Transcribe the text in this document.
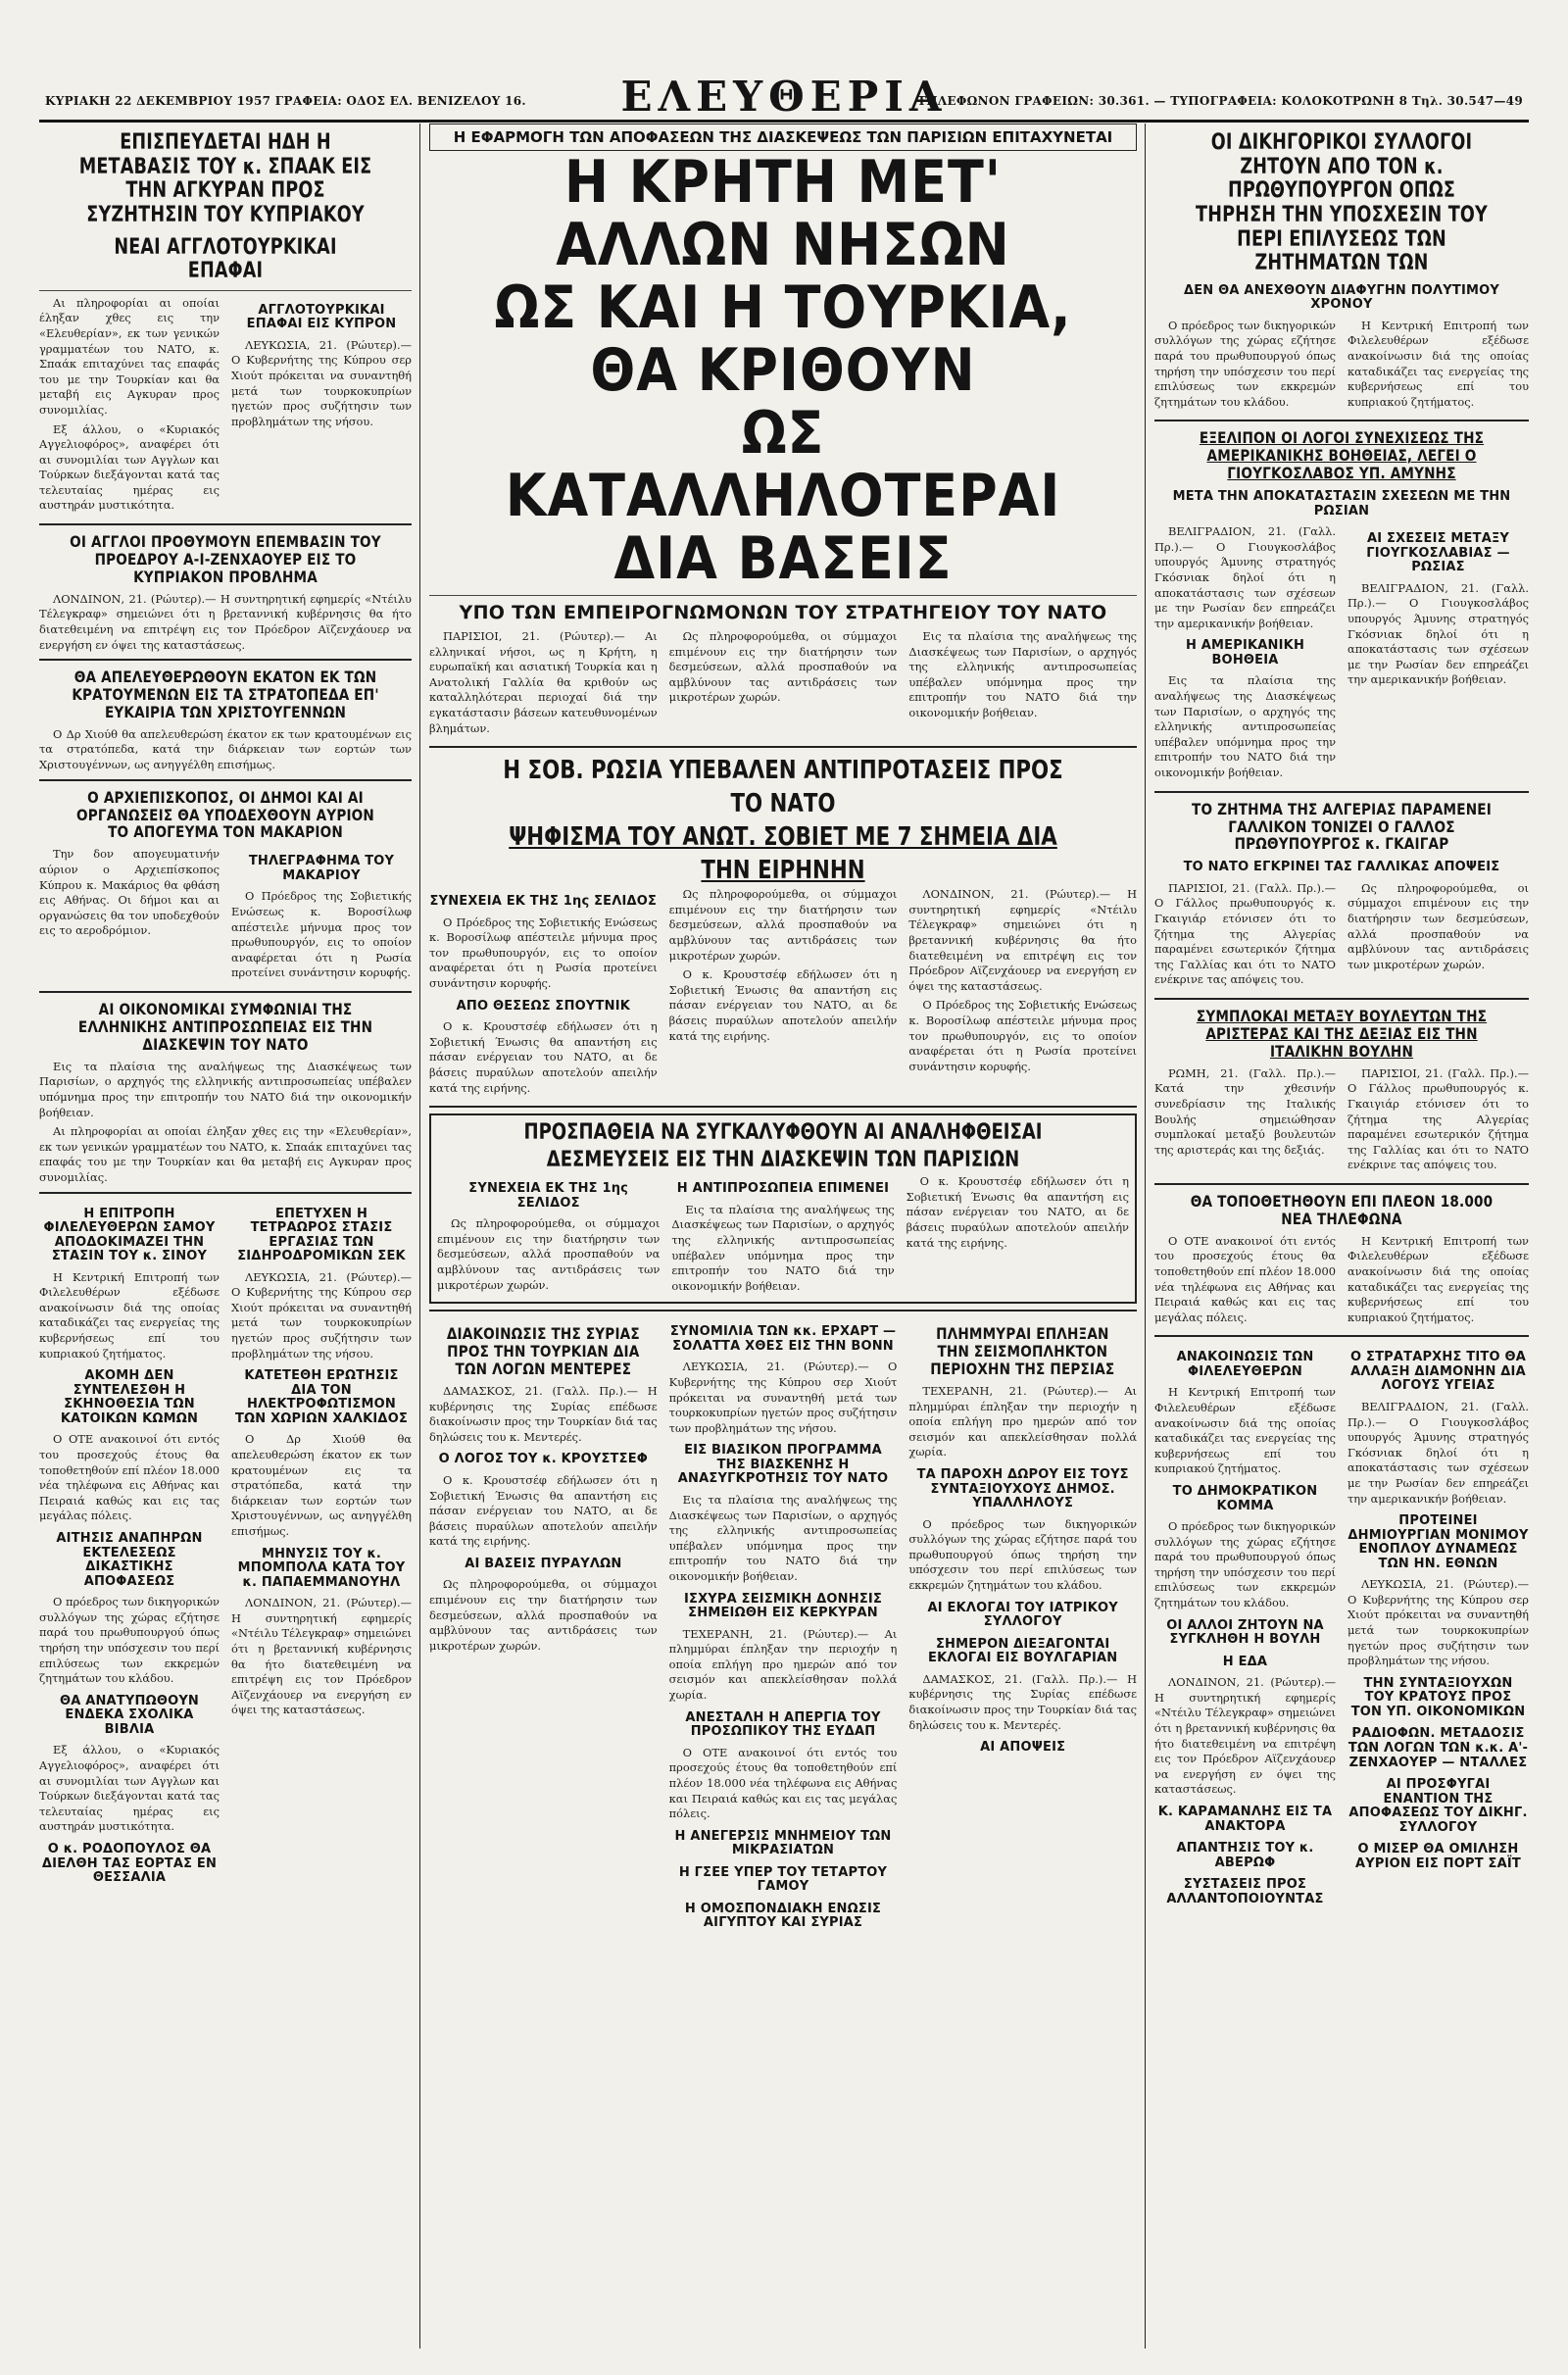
ΚΥΡΙΑΚΗ 22 ΔΕΚΕΜΒΡΙΟΥ 1957 ΓΡΑΦΕΙΑ: ΟΔΟΣ ΕΛ. ΒΕΝΙΖΕΛΟΥ 16.	ΕΛΕΥΘΕΡΙΑ
ΤΗΛΕΦΩΝΟΝ ΓΡΑΦΕΙΩΝ: 30.361. — ΤΥΠΟΓΡΑΦΕΙΑ: ΚΟΛΟΚΟΤΡΩΝΗ 8 Τηλ. 30.547—49
ΕΠΙΣΠΕΥΔΕΤΑΙ ΗΔΗ Η ΜΕΤΑΒΑΣΙΣ ΤΟΥ κ. ΣΠΑΑΚ ΕΙΣ ΤΗΝ ΑΓΚΥΡΑΝ ΠΡΟΣ ΣΥΖΗΤΗΣΙΝ ΤΟΥ ΚΥΠΡΙΑΚΟΥ
ΝΕΑΙ ΑΓΓΛΟΤΟΥΡΚΙΚΑΙ ΕΠΑΦΑΙ

Αι πληροφορίαι αι οποίαι έληξαν χθες εις την «Ελευθερίαν», εκ των γενικών γραμματέων του ΝΑΤΟ, κ. Σπαάκ επιταχύνει τας επαφάς του με την Τουρκίαν και θα μεταβή εις Αγκυραν προς συνομιλίας.

Εξ άλλου, ο «Κυριακός Αγγελιοφόρος», αναφέρει ότι αι συνομιλίαι των Αγγλων και Τούρκων διεξάγονται κατά τας τελευταίας ημέρας εις αυστηράν μυστικότητα.

ΑΓΓΛΟΤΟΥΡΚΙΚΑΙ ΕΠΑΦΑΙ ΕΙΣ ΚΥΠΡΟΝ

ΛΕΥΚΩΣΙΑ, 21. (Ρώυτερ).— Ο Κυβερνήτης της Κύπρου σερ Χιούτ πρόκειται να συναντηθή μετά των τουρκοκυπρίων ηγετών προς συζήτησιν των προβλημάτων της νήσου.

ΟΙ ΑΓΓΛΟΙ ΠΡΟΘΥΜΟΥΝ ΕΠΕΜΒΑΣΙΝ ΤΟΥ ΠΡΟΕΔΡΟΥ Α-Ι-ΖΕΝΧΑΟΥΕΡ ΕΙΣ ΤΟ ΚΥΠΡΙΑΚΟΝ ΠΡΟΒΛΗΜΑ

ΛΟΝΔΙΝΟΝ, 21. (Ρώυτερ).— Η συντηρητική εφημερίς «Ντέιλυ Τέλεγκραφ» σημειώνει ότι η βρεταννική κυβέρνησις θα ήτο διατεθειμένη να επιτρέψη εις τον Πρόεδρον Αϊζενχάουερ να ενεργήση εν όψει της καταστάσεως.

ΘΑ ΑΠΕΛΕΥΘΕΡΩΘΟΥΝ ΕΚΑΤΟΝ ΕΚ ΤΩΝ ΚΡΑΤΟΥΜΕΝΩΝ ΕΙΣ ΤΑ ΣΤΡΑΤΟΠΕΔΑ ΕΠ' ΕΥΚΑΙΡΙΑ ΤΩΝ ΧΡΙΣΤΟΥΓΕΝΝΩΝ

Ο Δρ Χιούθ θα απελευθερώση έκατον εκ των κρατουμένων εις τα στρατόπεδα, κατά την διάρκειαν των εορτών των Χριστουγέννων, ως ανηγγέλθη επισήμως.

Ο ΑΡΧΙΕΠΙΣΚΟΠΟΣ, ΟΙ ΔΗΜΟΙ ΚΑΙ ΑΙ ΟΡΓΑΝΩΣΕΙΣ ΘΑ ΥΠΟΔΕΧΘΟΥΝ ΑΥΡΙΟΝ ΤΟ ΑΠΟΓΕΥΜΑ ΤΟΝ ΜΑΚΑΡΙΟΝ

Την δον απογευματινήν αύριον ο Αρχιεπίσκοπος Κύπρου κ. Μακάριος θα φθάση εις Αθήνας. Οι δήμοι και αι οργανώσεις θα τον υποδεχθούν εις το αεροδρόμιον.

ΤΗΛΕΓΡΑΦΗΜΑ ΤΟΥ ΜΑΚΑΡΙΟΥ

Ο Πρόεδρος της Σοβιετικής Ενώσεως κ. Βοροσίλωφ απέστειλε μήνυμα προς τον πρωθυπουργόν, εις το οποίον αναφέρεται ότι η Ρωσία προτείνει συνάντησιν κορυφής.

ΑΙ ΟΙΚΟΝΟΜΙΚΑΙ ΣΥΜΦΩΝΙΑΙ ΤΗΣ ΕΛΛΗΝΙΚΗΣ ΑΝΤΙΠΡΟΣΩΠΕΙΑΣ ΕΙΣ ΤΗΝ ΔΙΑΣΚΕΨΙΝ ΤΟΥ ΝΑΤΟ

Εις τα πλαίσια της αναλήψεως της Διασκέψεως των Παρισίων, ο αρχηγός της ελληνικής αντιπροσωπείας υπέβαλεν υπόμνημα προς την επιτροπήν του ΝΑΤΟ διά την οικονομικήν βοήθειαν.

Αι πληροφορίαι αι οποίαι έληξαν χθες εις την «Ελευθερίαν», εκ των γενικών γραμματέων του ΝΑΤΟ, κ. Σπαάκ επιταχύνει τας επαφάς του με την Τουρκίαν και θα μεταβή εις Αγκυραν προς συνομιλίας.

Η ΕΠΙΤΡΟΠΗ ΦΙΛΕΛΕΥΘΕΡΩΝ ΣΑΜΟΥ ΑΠΟΔΟΚΙΜΑΖΕΙ ΤΗΝ ΣΤΑΣΙΝ ΤΟΥ κ. ΣΙΝΟΥ

Η Κεντρική Επιτροπή των Φιλελευθέρων εξέδωσε ανακοίνωσιν διά της οποίας καταδικάζει τας ενεργείας της κυβερνήσεως επί του κυπριακού ζητήματος.

ΑΚΟΜΗ ΔΕΝ ΣΥΝΤΕΛΕΣΘΗ Η ΣΚΗΝΟΘΕΣΙΑ ΤΩΝ ΚΑΤΟΙΚΩΝ ΚΩΜΩΝ

Ο ΟΤΕ ανακοινοί ότι εντός του προσεχούς έτους θα τοποθετηθούν επί πλέον 18.000 νέα τηλέφωνα εις Αθήνας και Πειραιά καθώς και εις τας μεγάλας πόλεις.

ΑΙΤΗΣΙΣ ΑΝΑΠΗΡΩΝ ΕΚΤΕΛΕΣΕΩΣ ΔΙΚΑΣΤΙΚΗΣ ΑΠΟΦΑΣΕΩΣ

Ο πρόεδρος των δικηγορικών συλλόγων της χώρας εζήτησε παρά του πρωθυπουργού όπως τηρήση την υπόσχεσιν του περί επιλύσεως των εκκρεμών ζητημάτων του κλάδου.

ΘΑ ΑΝΑΤΥΠΩΘΟΥΝ ΕΝΔΕΚΑ ΣΧΟΛΙΚΑ ΒΙΒΛΙΑ

Εξ άλλου, ο «Κυριακός Αγγελιοφόρος», αναφέρει ότι αι συνομιλίαι των Αγγλων και Τούρκων διεξάγονται κατά τας τελευταίας ημέρας εις αυστηράν μυστικότητα.

Ο κ. ΡΟΔΟΠΟΥΛΟΣ ΘΑ ΔΙΕΛΘΗ ΤΑΣ ΕΟΡΤΑΣ ΕΝ ΘΕΣΣΑΛΙΑ
ΕΠΕΤΥΧΕΝ Η ΤΕΤΡΑΩΡΟΣ ΣΤΑΣΙΣ ΕΡΓΑΣΙΑΣ ΤΩΝ ΣΙΔΗΡΟΔΡΟΜΙΚΩΝ ΣΕΚ

ΛΕΥΚΩΣΙΑ, 21. (Ρώυτερ).— Ο Κυβερνήτης της Κύπρου σερ Χιούτ πρόκειται να συναντηθή μετά των τουρκοκυπρίων ηγετών προς συζήτησιν των προβλημάτων της νήσου.

ΚΑΤΕΤΕΘΗ ΕΡΩΤΗΣΙΣ ΔΙΑ ΤΟΝ ΗΛΕΚΤΡΟΦΩΤΙΣΜΟΝ ΤΩΝ ΧΩΡΙΩΝ ΧΑΛΚΙΔΟΣ

Ο Δρ Χιούθ θα απελευθερώση έκατον εκ των κρατουμένων εις τα στρατόπεδα, κατά την διάρκειαν των εορτών των Χριστουγέννων, ως ανηγγέλθη επισήμως.

ΜΗΝΥΣΙΣ ΤΟΥ κ. ΜΠΟΜΠΟΛΑ ΚΑΤΑ ΤΟΥ κ. ΠΑΠΑΕΜΜΑΝΟΥΗΛ

ΛΟΝΔΙΝΟΝ, 21. (Ρώυτερ).— Η συντηρητική εφημερίς «Ντέιλυ Τέλεγκραφ» σημειώνει ότι η βρεταννική κυβέρνησις θα ήτο διατεθειμένη να επιτρέψη εις τον Πρόεδρον Αϊζενχάουερ να ενεργήση εν όψει της καταστάσεως.

Η ΕΦΑΡΜΟΓΗ ΤΩΝ ΑΠΟΦΑΣΕΩΝ ΤΗΣ ΔΙΑΣΚΕΨΕΩΣ ΤΩΝ ΠΑΡΙΣΙΩΝ ΕΠΙΤΑΧΥΝΕΤΑΙ
Η ΚΡΗΤΗ ΜΕΤ' ΑΛΛΩΝ ΝΗΣΩΝ
ΩΣ ΚΑΙ Η ΤΟΥΡΚΙΑ, ΘΑ ΚΡΙΘΟΥΝ
ΩΣ ΚΑΤΑΛΛΗΛΟΤΕΡΑΙ ΔΙΑ ΒΑΣΕΙΣ
ΥΠΟ ΤΩΝ ΕΜΠΕΙΡΟΓΝΩΜΟΝΩΝ ΤΟΥ ΣΤΡΑΤΗΓΕΙΟΥ ΤΟΥ ΝΑΤΟ

ΠΑΡΙΣΙΟΙ, 21. (Ρώυτερ).— Αι ελληνικαί νήσοι, ως η Κρήτη, η ευρωπαϊκή και ασιατική Τουρκία και η Ανατολική Γαλλία θα κριθούν ως καταλληλότεραι περιοχαί διά την εγκατάστασιν βάσεων κατευθυνομένων βλημάτων.

Ως πληροφορούμεθα, οι σύμμαχοι επιμένουν εις την διατήρησιν των δεσμεύσεων, αλλά προσπαθούν να αμβλύνουν τας αντιδράσεις των μικροτέρων χωρών.

Εις τα πλαίσια της αναλήψεως της Διασκέψεως των Παρισίων, ο αρχηγός της ελληνικής αντιπροσωπείας υπέβαλεν υπόμνημα προς την επιτροπήν του ΝΑΤΟ διά την οικονομικήν βοήθειαν.

Η ΣΟΒ. ΡΩΣΙΑ ΥΠΕΒΑΛΕΝ ΑΝΤΙΠΡΟΤΑΣΕΙΣ ΠΡΟΣ ΤΟ ΝΑΤΟ
ΨΗΦΙΣΜΑ ΤΟΥ ΑΝΩΤ. ΣΟΒΙΕΤ ΜΕ 7 ΣΗΜΕΙΑ ΔΙΑ ΤΗΝ ΕΙΡΗΝΗΝ
ΣΥΝΕΧΕΙΑ ΕΚ ΤΗΣ 1ης ΣΕΛΙΔΟΣ

Ο Πρόεδρος της Σοβιετικής Ενώσεως κ. Βοροσίλωφ απέστειλε μήνυμα προς τον πρωθυπουργόν, εις το οποίον αναφέρεται ότι η Ρωσία προτείνει συνάντησιν κορυφής.

ΑΠΟ ΘΕΣΕΩΣ ΣΠΟΥΤΝΙΚ

Ο κ. Κρουστσέφ εδήλωσεν ότι η Σοβιετική Ένωσις θα απαντήση εις πάσαν ενέργειαν του ΝΑΤΟ, αι δε βάσεις πυραύλων αποτελούν απειλήν κατά της ειρήνης.

Ως πληροφορούμεθα, οι σύμμαχοι επιμένουν εις την διατήρησιν των δεσμεύσεων, αλλά προσπαθούν να αμβλύνουν τας αντιδράσεις των μικροτέρων χωρών.

Ο κ. Κρουστσέφ εδήλωσεν ότι η Σοβιετική Ένωσις θα απαντήση εις πάσαν ενέργειαν του ΝΑΤΟ, αι δε βάσεις πυραύλων αποτελούν απειλήν κατά της ειρήνης.

ΛΟΝΔΙΝΟΝ, 21. (Ρώυτερ).— Η συντηρητική εφημερίς «Ντέιλυ Τέλεγκραφ» σημειώνει ότι η βρεταννική κυβέρνησις θα ήτο διατεθειμένη να επιτρέψη εις τον Πρόεδρον Αϊζενχάουερ να ενεργήση εν όψει της καταστάσεως.

Ο Πρόεδρος της Σοβιετικής Ενώσεως κ. Βοροσίλωφ απέστειλε μήνυμα προς τον πρωθυπουργόν, εις το οποίον αναφέρεται ότι η Ρωσία προτείνει συνάντησιν κορυφής.

ΠΡΟΣΠΑΘΕΙΑ ΝΑ ΣΥΓΚΑΛΥΦΘΟΥΝ ΑΙ ΑΝΑΛΗΦΘΕΙΣΑΙ ΔΕΣΜΕΥΣΕΙΣ ΕΙΣ ΤΗΝ ΔΙΑΣΚΕΨΙΝ ΤΩΝ ΠΑΡΙΣΙΩΝ
ΣΥΝΕΧΕΙΑ ΕΚ ΤΗΣ 1ης ΣΕΛΙΔΟΣ

Ως πληροφορούμεθα, οι σύμμαχοι επιμένουν εις την διατήρησιν των δεσμεύσεων, αλλά προσπαθούν να αμβλύνουν τας αντιδράσεις των μικροτέρων χωρών.

Η ΑΝΤΙΠΡΟΣΩΠΕΙΑ ΕΠΙΜΕΝΕΙ

Εις τα πλαίσια της αναλήψεως της Διασκέψεως των Παρισίων, ο αρχηγός της ελληνικής αντιπροσωπείας υπέβαλεν υπόμνημα προς την επιτροπήν του ΝΑΤΟ διά την οικονομικήν βοήθειαν.

Ο κ. Κρουστσέφ εδήλωσεν ότι η Σοβιετική Ένωσις θα απαντήση εις πάσαν ενέργειαν του ΝΑΤΟ, αι δε βάσεις πυραύλων αποτελούν απειλήν κατά της ειρήνης.

ΔΙΑΚΟΙΝΩΣΙΣ ΤΗΣ ΣΥΡΙΑΣ ΠΡΟΣ ΤΗΝ ΤΟΥΡΚΙΑΝ ΔΙΑ ΤΩΝ ΛΟΓΩΝ ΜΕΝΤΕΡΕΣ

ΔΑΜΑΣΚΟΣ, 21. (Γαλλ. Πρ.).— Η κυβέρνησις της Συρίας επέδωσε διακοίνωσιν προς την Τουρκίαν διά τας δηλώσεις του κ. Μεντερές.

Ο ΛΟΓΟΣ ΤΟΥ κ. ΚΡΟΥΣΤΣΕΦ

Ο κ. Κρουστσέφ εδήλωσεν ότι η Σοβιετική Ένωσις θα απαντήση εις πάσαν ενέργειαν του ΝΑΤΟ, αι δε βάσεις πυραύλων αποτελούν απειλήν κατά της ειρήνης.

ΑΙ ΒΑΣΕΙΣ ΠΥΡΑΥΛΩΝ

Ως πληροφορούμεθα, οι σύμμαχοι επιμένουν εις την διατήρησιν των δεσμεύσεων, αλλά προσπαθούν να αμβλύνουν τας αντιδράσεις των μικροτέρων χωρών.

ΣΥΝΟΜΙΛΙΑ ΤΩΝ κκ. ΕΡΧΑΡΤ — ΣΟΛΑΤΤΑ ΧΘΕΣ ΕΙΣ ΤΗΝ ΒΟΝΝ

ΛΕΥΚΩΣΙΑ, 21. (Ρώυτερ).— Ο Κυβερνήτης της Κύπρου σερ Χιούτ πρόκειται να συναντηθή μετά των τουρκοκυπρίων ηγετών προς συζήτησιν των προβλημάτων της νήσου.

ΕΙΣ ΒΙΑΣΙΚΟΝ ΠΡΟΓΡΑΜΜΑ ΤΗΣ ΒΙΑΣΚΕΝΗΣ Η ΑΝΑΣΥΓΚΡΟΤΗΣΙΣ ΤΟΥ ΝΑΤΟ

Εις τα πλαίσια της αναλήψεως της Διασκέψεως των Παρισίων, ο αρχηγός της ελληνικής αντιπροσωπείας υπέβαλεν υπόμνημα προς την επιτροπήν του ΝΑΤΟ διά την οικονομικήν βοήθειαν.

ΙΣΧΥΡΑ ΣΕΙΣΜΙΚΗ ΔΟΝΗΣΙΣ ΣΗΜΕΙΩΘΗ ΕΙΣ ΚΕΡΚΥΡΑΝ

ΤΕΧΕΡΑΝΗ, 21. (Ρώυτερ).— Αι πλημμύραι έπληξαν την περιοχήν η οποία επλήγη προ ημερών από τον σεισμόν και απεκλείσθησαν πολλά χωρία.

ΑΝΕΣΤΑΛΗ Η ΑΠΕΡΓΙΑ ΤΟΥ ΠΡΟΣΩΠΙΚΟΥ ΤΗΣ ΕΥΔΑΠ

Ο ΟΤΕ ανακοινοί ότι εντός του προσεχούς έτους θα τοποθετηθούν επί πλέον 18.000 νέα τηλέφωνα εις Αθήνας και Πειραιά καθώς και εις τας μεγάλας πόλεις.

Η ΑΝΕΓΕΡΣΙΣ ΜΝΗΜΕΙΟΥ ΤΩΝ ΜΙΚΡΑΣΙΑΤΩΝ
Η ΓΣΕΕ ΥΠΕΡ ΤΟΥ ΤΕΤΑΡΤΟΥ ΓΑΜΟΥ
Η ΟΜΟΣΠΟΝΔΙΑΚΗ ΕΝΩΣΙΣ ΑΙΓΥΠΤΟΥ ΚΑΙ ΣΥΡΙΑΣ
ΠΛΗΜΜΥΡΑΙ ΕΠΛΗΞΑΝ ΤΗΝ ΣΕΙΣΜΟΠΛΗΚΤΟΝ ΠΕΡΙΟΧΗΝ ΤΗΣ ΠΕΡΣΙΑΣ

ΤΕΧΕΡΑΝΗ, 21. (Ρώυτερ).— Αι πλημμύραι έπληξαν την περιοχήν η οποία επλήγη προ ημερών από τον σεισμόν και απεκλείσθησαν πολλά χωρία.

ΤΑ ΠΑΡΟΧΗ ΔΩΡΟΥ ΕΙΣ ΤΟΥΣ ΣΥΝΤΑΞΙΟΥΧΟΥΣ ΔΗΜΟΣ. ΥΠΑΛΛΗΛΟΥΣ

Ο πρόεδρος των δικηγορικών συλλόγων της χώρας εζήτησε παρά του πρωθυπουργού όπως τηρήση την υπόσχεσιν του περί επιλύσεως των εκκρεμών ζητημάτων του κλάδου.

ΑΙ ΕΚΛΟΓΑΙ ΤΟΥ ΙΑΤΡΙΚΟΥ ΣΥΛΛΟΓΟΥ
ΣΗΜΕΡΟΝ ΔΙΕΞΑΓΟΝΤΑΙ ΕΚΛΟΓΑΙ ΕΙΣ ΒΟΥΛΓΑΡΙΑΝ

ΔΑΜΑΣΚΟΣ, 21. (Γαλλ. Πρ.).— Η κυβέρνησις της Συρίας επέδωσε διακοίνωσιν προς την Τουρκίαν διά τας δηλώσεις του κ. Μεντερές.

ΑΙ ΑΠΟΨΕΙΣ
ΟΙ ΔΙΚΗΓΟΡΙΚΟΙ ΣΥΛΛΟΓΟΙ ΖΗΤΟΥΝ ΑΠΟ ΤΟΝ κ. ΠΡΩΘΥΠΟΥΡΓΟΝ ΟΠΩΣ ΤΗΡΗΣΗ ΤΗΝ ΥΠΟΣΧΕΣΙΝ ΤΟΥ ΠΕΡΙ ΕΠΙΛΥΣΕΩΣ ΤΩΝ ΖΗΤΗΜΑΤΩΝ ΤΩΝ
ΔΕΝ ΘΑ ΑΝΕΧΘΟΥΝ ΔΙΑΦΥΓΗΝ ΠΟΛΥΤΙΜΟΥ ΧΡΟΝΟΥ

Ο πρόεδρος των δικηγορικών συλλόγων της χώρας εζήτησε παρά του πρωθυπουργού όπως τηρήση την υπόσχεσιν του περί επιλύσεως των εκκρεμών ζητημάτων του κλάδου.

Η Κεντρική Επιτροπή των Φιλελευθέρων εξέδωσε ανακοίνωσιν διά της οποίας καταδικάζει τας ενεργείας της κυβερνήσεως επί του κυπριακού ζητήματος.

ΕΞΕΛΙΠΟΝ ΟΙ ΛΟΓΟΙ ΣΥΝΕΧΙΣΕΩΣ ΤΗΣ ΑΜΕΡΙΚΑΝΙΚΗΣ ΒΟΗΘΕΙΑΣ, ΛΕΓΕΙ Ο ΓΙΟΥΓΚΟΣΛΑΒΟΣ ΥΠ. ΑΜΥΝΗΣ
ΜΕΤΑ ΤΗΝ ΑΠΟΚΑΤΑΣΤΑΣΙΝ ΣΧΕΣΕΩΝ ΜΕ ΤΗΝ ΡΩΣΙΑΝ

ΒΕΛΙΓΡΑΔΙΟΝ, 21. (Γαλλ. Πρ.).— Ο Γιουγκοσλάβος υπουργός Άμυνης στρατηγός Γκόσνιακ δηλοί ότι η αποκατάστασις των σχέσεων με την Ρωσίαν δεν επηρεάζει την αμερικανικήν βοήθειαν.

Η ΑΜΕΡΙΚΑΝΙΚΗ ΒΟΗΘΕΙΑ

Εις τα πλαίσια της αναλήψεως της Διασκέψεως των Παρισίων, ο αρχηγός της ελληνικής αντιπροσωπείας υπέβαλεν υπόμνημα προς την επιτροπήν του ΝΑΤΟ διά την οικονομικήν βοήθειαν.

ΑΙ ΣΧΕΣΕΙΣ ΜΕΤΑΞΥ ΓΙΟΥΓΚΟΣΛΑΒΙΑΣ — ΡΩΣΙΑΣ

ΒΕΛΙΓΡΑΔΙΟΝ, 21. (Γαλλ. Πρ.).— Ο Γιουγκοσλάβος υπουργός Άμυνης στρατηγός Γκόσνιακ δηλοί ότι η αποκατάστασις των σχέσεων με την Ρωσίαν δεν επηρεάζει την αμερικανικήν βοήθειαν.

ΤΟ ΖΗΤΗΜΑ ΤΗΣ ΑΛΓΕΡΙΑΣ ΠΑΡΑΜΕΝΕΙ ΓΑΛΛΙΚΟΝ ΤΟΝΙΖΕΙ Ο ΓΑΛΛΟΣ ΠΡΩΘΥΠΟΥΡΓΟΣ κ. ΓΚΑΙΓΑΡ
ΤΟ ΝΑΤΟ ΕΓΚΡΙΝΕΙ ΤΑΣ ΓΑΛΛΙΚΑΣ ΑΠΟΨΕΙΣ

ΠΑΡΙΣΙΟΙ, 21. (Γαλλ. Πρ.).— Ο Γάλλος πρωθυπουργός κ. Γκαιγιάρ ετόνισεν ότι το ζήτημα της Αλγερίας παραμένει εσωτερικόν ζήτημα της Γαλλίας και ότι το ΝΑΤΟ ενέκρινε τας απόψεις του.

Ως πληροφορούμεθα, οι σύμμαχοι επιμένουν εις την διατήρησιν των δεσμεύσεων, αλλά προσπαθούν να αμβλύνουν τας αντιδράσεις των μικροτέρων χωρών.

ΣΥΜΠΛΟΚΑΙ ΜΕΤΑΞΥ ΒΟΥΛΕΥΤΩΝ ΤΗΣ ΑΡΙΣΤΕΡΑΣ ΚΑΙ ΤΗΣ ΔΕΞΙΑΣ ΕΙΣ ΤΗΝ ΙΤΑΛΙΚΗΝ ΒΟΥΛΗΝ

ΡΩΜΗ, 21. (Γαλλ. Πρ.).— Κατά την χθεσινήν συνεδρίασιν της Ιταλικής Βουλής σημειώθησαν συμπλοκαί μεταξύ βουλευτών της αριστεράς και της δεξιάς.

ΠΑΡΙΣΙΟΙ, 21. (Γαλλ. Πρ.).— Ο Γάλλος πρωθυπουργός κ. Γκαιγιάρ ετόνισεν ότι το ζήτημα της Αλγερίας παραμένει εσωτερικόν ζήτημα της Γαλλίας και ότι το ΝΑΤΟ ενέκρινε τας απόψεις του.

ΘΑ ΤΟΠΟΘΕΤΗΘΟΥΝ ΕΠΙ ΠΛΕΟΝ 18.000 ΝΕΑ ΤΗΛΕΦΩΝΑ

Ο ΟΤΕ ανακοινοί ότι εντός του προσεχούς έτους θα τοποθετηθούν επί πλέον 18.000 νέα τηλέφωνα εις Αθήνας και Πειραιά καθώς και εις τας μεγάλας πόλεις.

Η Κεντρική Επιτροπή των Φιλελευθέρων εξέδωσε ανακοίνωσιν διά της οποίας καταδικάζει τας ενεργείας της κυβερνήσεως επί του κυπριακού ζητήματος.

ΑΝΑΚΟΙΝΩΣΙΣ ΤΩΝ ΦΙΛΕΛΕΥΘΕΡΩΝ

Η Κεντρική Επιτροπή των Φιλελευθέρων εξέδωσε ανακοίνωσιν διά της οποίας καταδικάζει τας ενεργείας της κυβερνήσεως επί του κυπριακού ζητήματος.

ΤΟ ΔΗΜΟΚΡΑΤΙΚΟΝ ΚΟΜΜΑ

Ο πρόεδρος των δικηγορικών συλλόγων της χώρας εζήτησε παρά του πρωθυπουργού όπως τηρήση την υπόσχεσιν του περί επιλύσεως των εκκρεμών ζητημάτων του κλάδου.

ΟΙ ΑΛΛΟΙ ΖΗΤΟΥΝ ΝΑ ΣΥΓΚΛΗΘΗ Η ΒΟΥΛΗ
Η ΕΔΑ

ΛΟΝΔΙΝΟΝ, 21. (Ρώυτερ).— Η συντηρητική εφημερίς «Ντέιλυ Τέλεγκραφ» σημειώνει ότι η βρεταννική κυβέρνησις θα ήτο διατεθειμένη να επιτρέψη εις τον Πρόεδρον Αϊζενχάουερ να ενεργήση εν όψει της καταστάσεως.

Κ. ΚΑΡΑΜΑΝΛΗΣ ΕΙΣ ΤΑ ΑΝΑΚΤΟΡΑ
ΑΠΑΝΤΗΣΙΣ ΤΟΥ κ. ΑΒΕΡΩΦ
ΣΥΣΤΑΣΕΙΣ ΠΡΟΣ ΑΛΛΑΝΤΟΠΟΙΟΥΝΤΑΣ
Ο ΣΤΡΑΤΑΡΧΗΣ ΤΙΤΟ ΘΑ ΑΛΛΑΞΗ ΔΙΑΜΟΝΗΝ ΔΙΑ ΛΟΓΟΥΣ ΥΓΕΙΑΣ

ΒΕΛΙΓΡΑΔΙΟΝ, 21. (Γαλλ. Πρ.).— Ο Γιουγκοσλάβος υπουργός Άμυνης στρατηγός Γκόσνιακ δηλοί ότι η αποκατάστασις των σχέσεων με την Ρωσίαν δεν επηρεάζει την αμερικανικήν βοήθειαν.

ΠΡΟΤΕΙΝΕΙ ΔΗΜΙΟΥΡΓΙΑΝ ΜΟΝΙΜΟΥ ΕΝΟΠΛΟΥ ΔΥΝΑΜΕΩΣ ΤΩΝ ΗΝ. ΕΘΝΩΝ

ΛΕΥΚΩΣΙΑ, 21. (Ρώυτερ).— Ο Κυβερνήτης της Κύπρου σερ Χιούτ πρόκειται να συναντηθή μετά των τουρκοκυπρίων ηγετών προς συζήτησιν των προβλημάτων της νήσου.

ΤΗΝ ΣΥΝΤΑΞΙΟΥΧΩΝ ΤΟΥ ΚΡΑΤΟΥΣ ΠΡΟΣ ΤΟΝ ΥΠ. ΟΙΚΟΝΟΜΙΚΩΝ
ΡΑΔΙΟΦΩΝ. ΜΕΤΑΔΟΣΙΣ ΤΩΝ ΛΟΓΩΝ ΤΩΝ κ.κ. Α'-ΖΕΝΧΑΟΥΕΡ — ΝΤΑΛΛΕΣ
ΑΙ ΠΡΟΣΦΥΓΑΙ ΕΝΑΝΤΙΟΝ ΤΗΣ ΑΠΟΦΑΣΕΩΣ ΤΟΥ ΔΙΚΗΓ. ΣΥΛΛΟΓΟΥ
Ο ΜΙΣΕΡ ΘΑ ΟΜΙΛΗΣΗ ΑΥΡΙΟΝ ΕΙΣ ΠΟΡΤ ΣΑΪΤ
